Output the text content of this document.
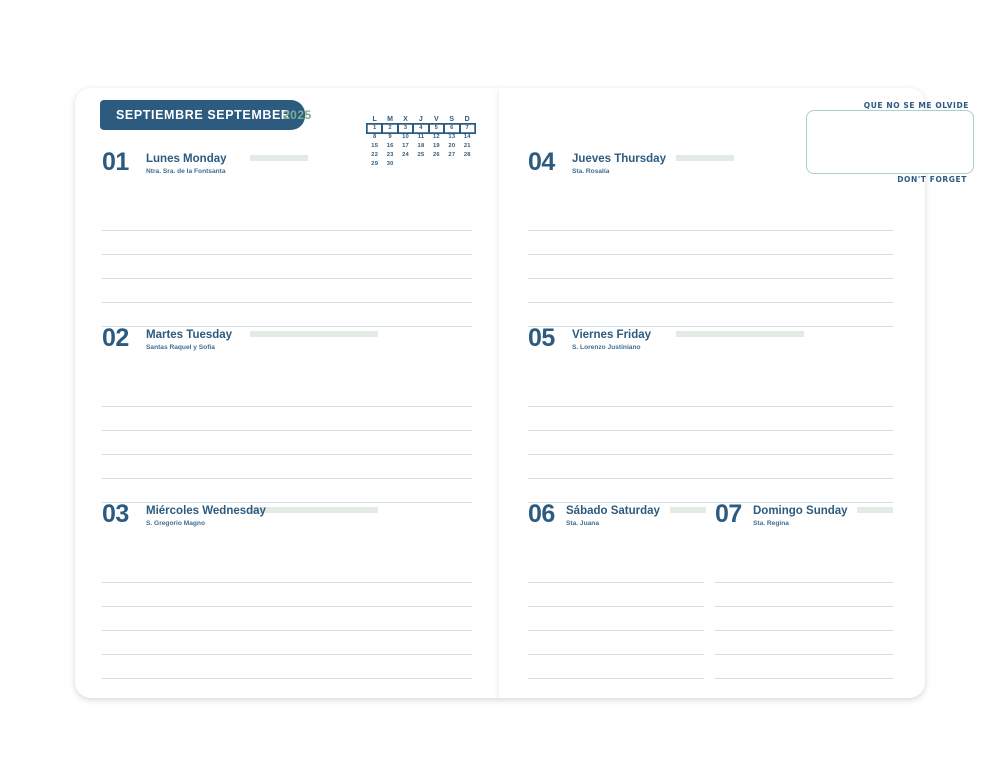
SEPTIEMBRE SEPTEMBER
2025	L	M	X	J	V	S	D
1	2	3	4	5	6	7
8	9	10	11	12	13	14
15	16	17	18	19	20	21
22	23	24	25	26	27	28
29	30					
01 Lunes Monday
Ntra. Sra. de la Fontsanta
02 Martes Tuesday
Santas Raquel y Sofía
03 Miércoles Wednesday
S. Gregorio Magno
QUE NO SE ME OLVIDE
DON'T FORGET
04 Jueves Thursday
Sta. Rosalía
05 Viernes Friday
S. Lorenzo Justiniano
06 Sábado Saturday
Sta. Juana	07 Domingo Sunday
Sta. Regina
